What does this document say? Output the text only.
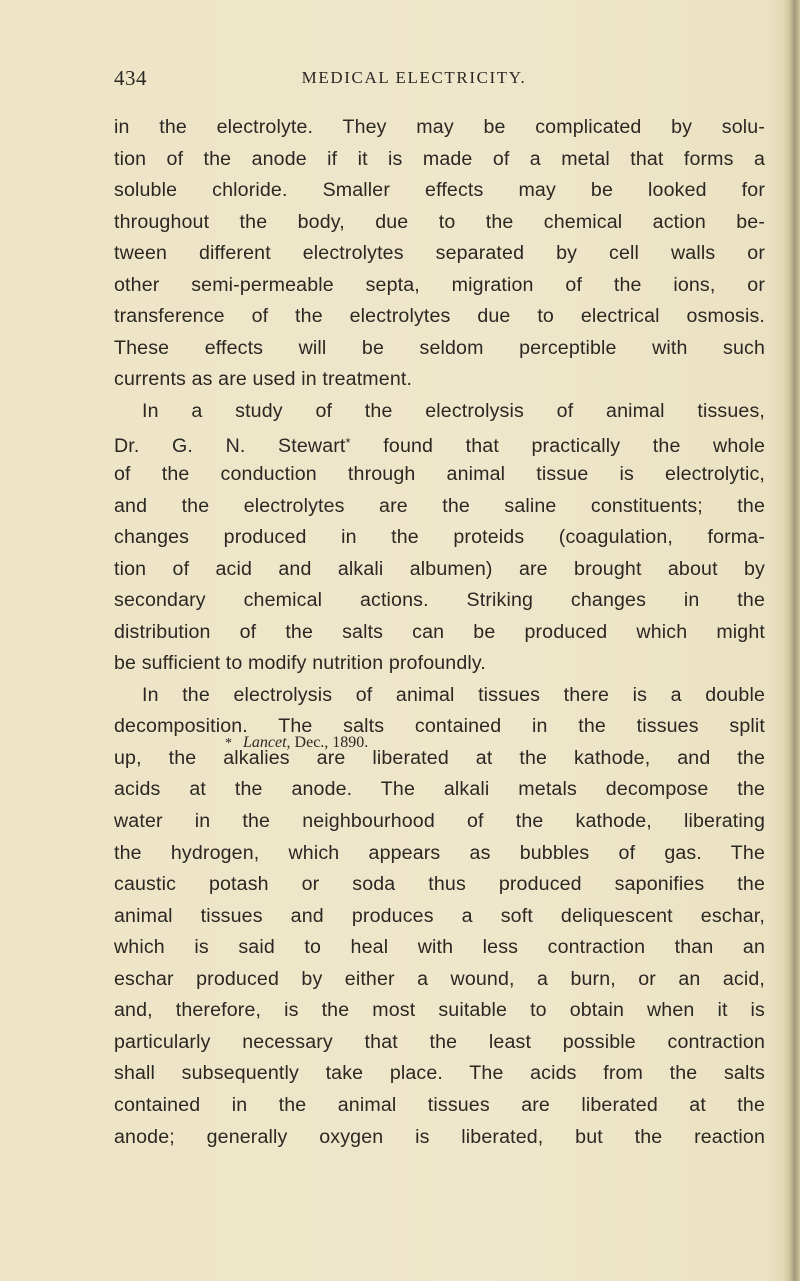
434	MEDICAL ELECTRICITY.
in the electrolyte. They may be complicated by solu-
tion of the anode if it is made of a metal that forms a
soluble chloride. Smaller effects may be looked for
throughout the body, due to the chemical action be-
tween different electrolytes separated by cell walls or
other semi-permeable septa, migration of the ions, or
transference of the electrolytes due to electrical osmosis.
These effects will be seldom perceptible with such
currents as are used in treatment.
In a study of the electrolysis of animal tissues,
Dr. G. N. Stewart* found that practically the whole
of the conduction through animal tissue is electrolytic,
and the electrolytes are the saline constituents; the
changes produced in the proteids (coagulation, forma-
tion of acid and alkali albumen) are brought about by
secondary chemical actions. Striking changes in the
distribution of the salts can be produced which might
be sufficient to modify nutrition profoundly.
In the electrolysis of animal tissues there is a double
decomposition. The salts contained in the tissues split
up, the alkalies are liberated at the kathode, and the
acids at the anode. The alkali metals decompose the
water in the neighbourhood of the kathode, liberating
the hydrogen, which appears as bubbles of gas. The
caustic potash or soda thus produced saponifies the
animal tissues and produces a soft deliquescent eschar,
which is said to heal with less contraction than an
eschar produced by either a wound, a burn, or an acid,
and, therefore, is the most suitable to obtain when it is
particularly necessary that the least possible contraction
shall subsequently take place. The acids from the salts
contained in the animal tissues are liberated at the
anode; generally oxygen is liberated, but the reaction
* Lancet, Dec., 1890.
